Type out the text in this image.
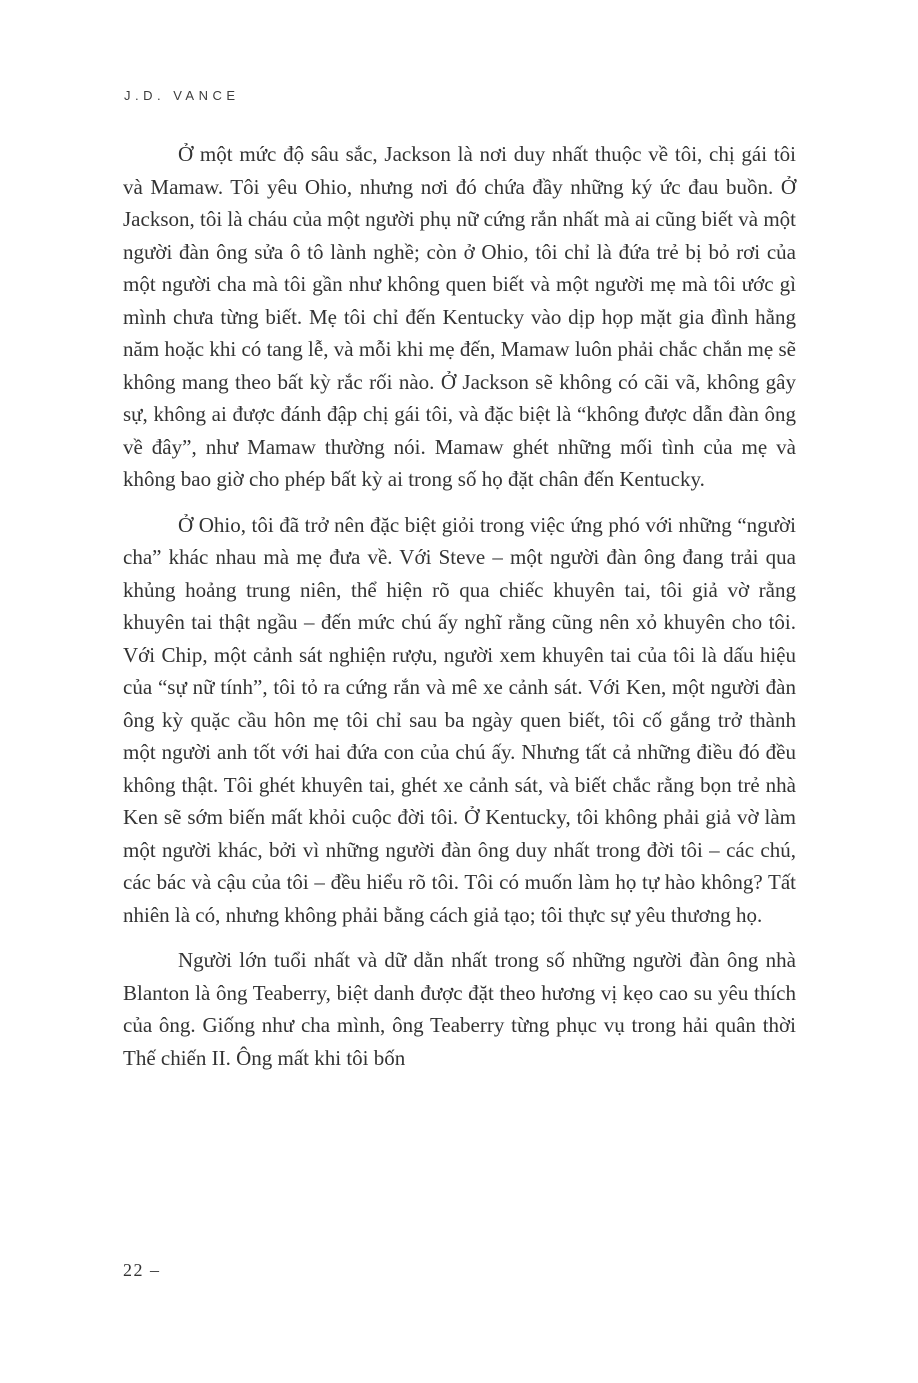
J.D. VANCE

Ở một mức độ sâu sắc, Jackson là nơi duy nhất thuộc về tôi, chị gái tôi và Mamaw. Tôi yêu Ohio, nhưng nơi đó chứa đầy những ký ức đau buồn. Ở Jackson, tôi là cháu của một người phụ nữ cứng rắn nhất mà ai cũng biết và một người đàn ông sửa ô tô lành nghề; còn ở Ohio, tôi chỉ là đứa trẻ bị bỏ rơi của một người cha mà tôi gần như không quen biết và một người mẹ mà tôi ước gì mình chưa từng biết. Mẹ tôi chỉ đến Kentucky vào dịp họp mặt gia đình hằng năm hoặc khi có tang lễ, và mỗi khi mẹ đến, Mamaw luôn phải chắc chắn mẹ sẽ không mang theo bất kỳ rắc rối nào. Ở Jackson sẽ không có cãi vã, không gây sự, không ai được đánh đập chị gái tôi, và đặc biệt là “không được dẫn đàn ông về đây”, như Mamaw thường nói. Mamaw ghét những mối tình của mẹ và không bao giờ cho phép bất kỳ ai trong số họ đặt chân đến Kentucky.

Ở Ohio, tôi đã trở nên đặc biệt giỏi trong việc ứng phó với những “người cha” khác nhau mà mẹ đưa về. Với Steve – một người đàn ông đang trải qua khủng hoảng trung niên, thể hiện rõ qua chiếc khuyên tai, tôi giả vờ rằng khuyên tai thật ngầu – đến mức chú ấy nghĩ rằng cũng nên xỏ khuyên cho tôi. Với Chip, một cảnh sát nghiện rượu, người xem khuyên tai của tôi là dấu hiệu của “sự nữ tính”, tôi tỏ ra cứng rắn và mê xe cảnh sát. Với Ken, một người đàn ông kỳ quặc cầu hôn mẹ tôi chỉ sau ba ngày quen biết, tôi cố gắng trở thành một người anh tốt với hai đứa con của chú ấy. Nhưng tất cả những điều đó đều không thật. Tôi ghét khuyên tai, ghét xe cảnh sát, và biết chắc rằng bọn trẻ nhà Ken sẽ sớm biến mất khỏi cuộc đời tôi. Ở Kentucky, tôi không phải giả vờ làm một người khác, bởi vì những người đàn ông duy nhất trong đời tôi – các chú, các bác và cậu của tôi – đều hiểu rõ tôi. Tôi có muốn làm họ tự hào không? Tất nhiên là có, nhưng không phải bằng cách giả tạo; tôi thực sự yêu thương họ.

Người lớn tuổi nhất và dữ dằn nhất trong số những người đàn ông nhà Blanton là ông Teaberry, biệt danh được đặt theo hương vị kẹo cao su yêu thích của ông. Giống như cha mình, ông Teaberry từng phục vụ trong hải quân thời Thế chiến II. Ông mất khi tôi bốn

22 –
